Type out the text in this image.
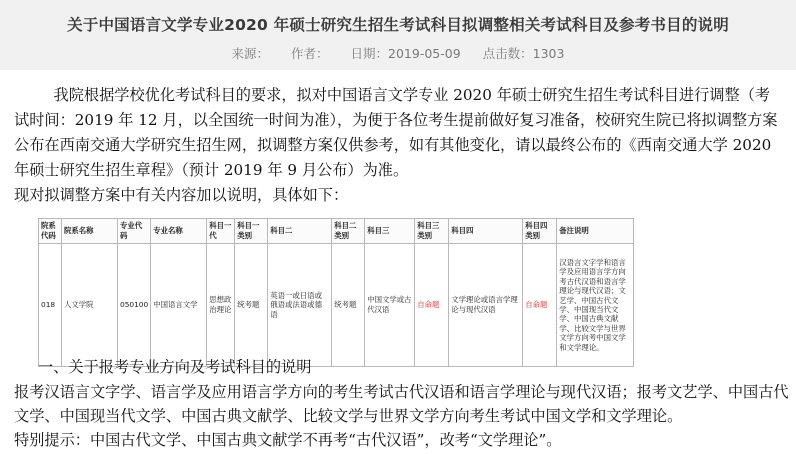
关于中国语言文学专业2020 年硕士研究生招生考试科目拟调整相关考试科目及参考书目的说明
来源： 作者： 日期：2019-05-09 点击数：1303

我院根据学校优化考试科目的要求，拟对中国语言文学专业 2020 年硕士研究生招生考试科目进行调整（考试时间：2019 年 12 月，以全国统一时间为准），为便于各位考生提前做好复习准备，校研究生院已将拟调整方案公布在西南交通大学研究生招生网，拟调整方案仅供参考，如有其他变化，请以最终公布的《西南交通大学 2020 年硕士研究生招生章程》（预计 2019 年 9 月公布）为准。

现对拟调整方案中有关内容加以说明，具体如下：

院系代码	院系名称	专业代码	专业名称	科目一代	科目一类别	科目二	科目二类别	科目三	科目三类别	科目四	科目四类别	备注说明
018	人文学院	050100	中国语言文学	思想政治理论	统考题	英语一或日语或俄语或法语或德语	统考题	中国文学或古代汉语	自命题	文学理论或语言学理论与现代汉语	自命题	汉语言文字学和语言学及应用语言学方向考古代汉语和语言学理论与现代汉语；文艺学、中国古代文学、中国现当代文学、中国古典文献学、比较文学与世界文学方向考中国文学和文学理论。
一、关于报考专业方向及考试科目的说明

报考汉语言文字学、语言学及应用语言学方向的考生考试古代汉语和语言学理论与现代汉语；报考文艺学、中国古代文学、中国现当代文学、中国古典文献学、比较文学与世界文学方向考生考试中国文学和文学理论。

特别提示：中国古代文学、中国古典文献学不再考“古代汉语”，改考“文学理论”。
